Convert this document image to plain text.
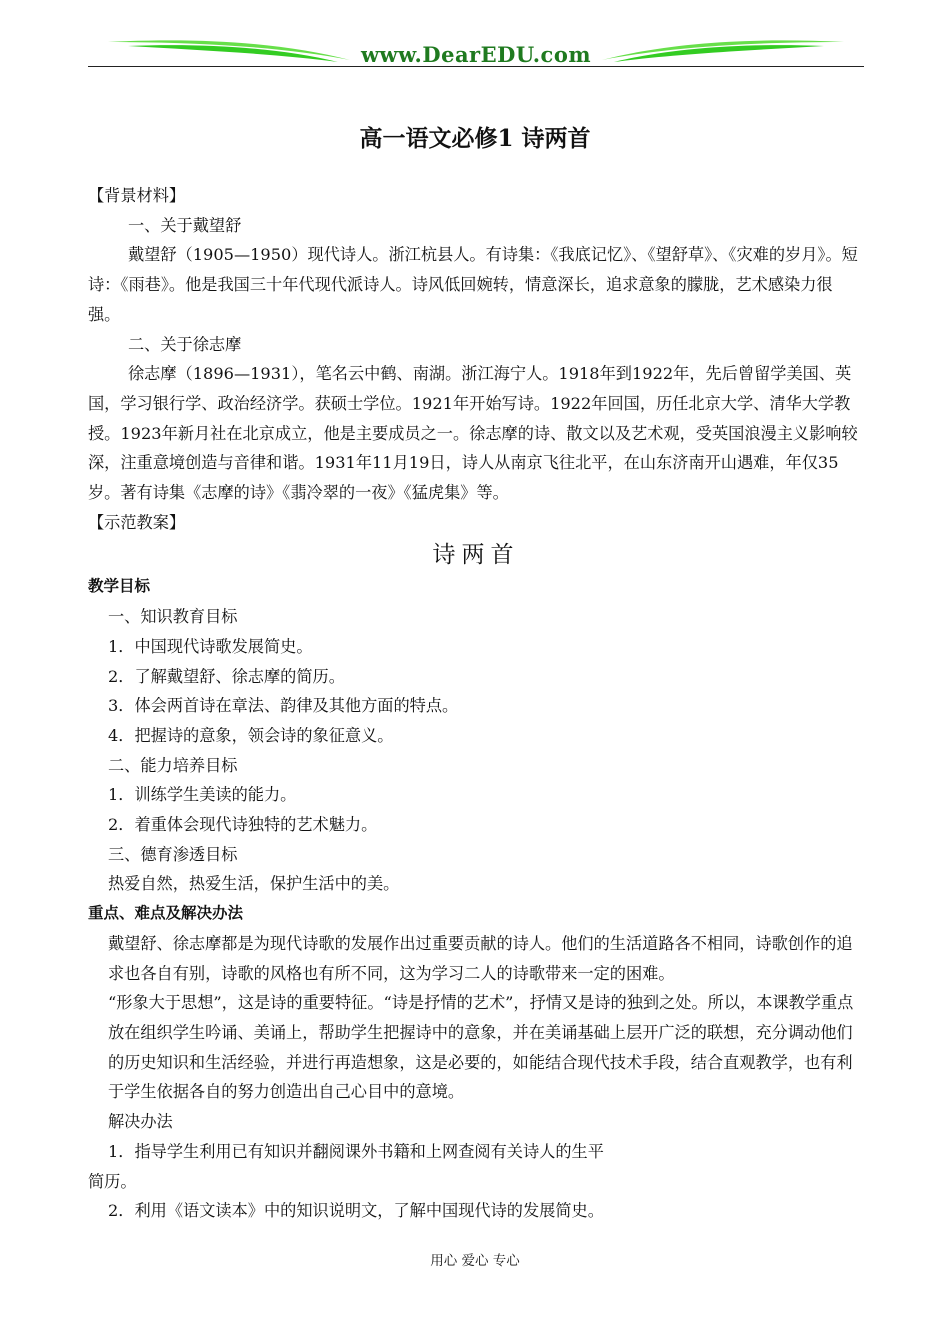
www.DearEDU.com
高一语文必修1 诗两首

【背景材料】

一、关于戴望舒

戴望舒（1905—1950）现代诗人。浙江杭县人。有诗集：《我底记忆》、《望舒草》、《灾难的岁月》。短诗：《雨巷》。他是我国三十年代现代派诗人。诗风低回婉转，情意深长，追求意象的朦胧，艺术感染力很强。

二、关于徐志摩

徐志摩（1896—1931），笔名云中鹤、南湖。浙江海宁人。1918年到1922年，先后曾留学美国、英国，学习银行学、政治经济学。获硕士学位。1921年开始写诗。1922年回国，历任北京大学、清华大学教授。1923年新月社在北京成立，他是主要成员之一。徐志摩的诗、散文以及艺术观，受英国浪漫主义影响较深，注重意境创造与音律和谐。1931年11月19日，诗人从南京飞往北平，在山东济南开山遇难，年仅35岁。著有诗集《志摩的诗》《翡冷翠的一夜》《猛虎集》等。

【示范教案】

诗两首

教学目标

一、知识教育目标

1．中国现代诗歌发展简史。

2．了解戴望舒、徐志摩的简历。

3．体会两首诗在章法、韵律及其他方面的特点。

4．把握诗的意象，领会诗的象征意义。

二、能力培养目标

1．训练学生美读的能力。

2．着重体会现代诗独特的艺术魅力。

三、德育渗透目标

热爱自然，热爱生活，保护生活中的美。

重点、难点及解决办法

戴望舒、徐志摩都是为现代诗歌的发展作出过重要贡献的诗人。他们的生活道路各不相同，诗歌创作的追求也各自有别，诗歌的风格也有所不同，这为学习二人的诗歌带来一定的困难。

“形象大于思想”，这是诗的重要特征。“诗是抒情的艺术”，抒情又是诗的独到之处。所以，本课教学重点放在组织学生吟诵、美诵上，帮助学生把握诗中的意象，并在美诵基础上层开广泛的联想，充分调动他们的历史知识和生活经验，并进行再造想象，这是必要的，如能结合现代技术手段，结合直观教学，也有利于学生依据各自的努力创造出自己心目中的意境。

解决办法

1．指导学生利用已有知识并翻阅课外书籍和上网查阅有关诗人的生平

简历。

2．利用《语文读本》中的知识说明文，了解中国现代诗的发展简史。

用心 爱心 专心
